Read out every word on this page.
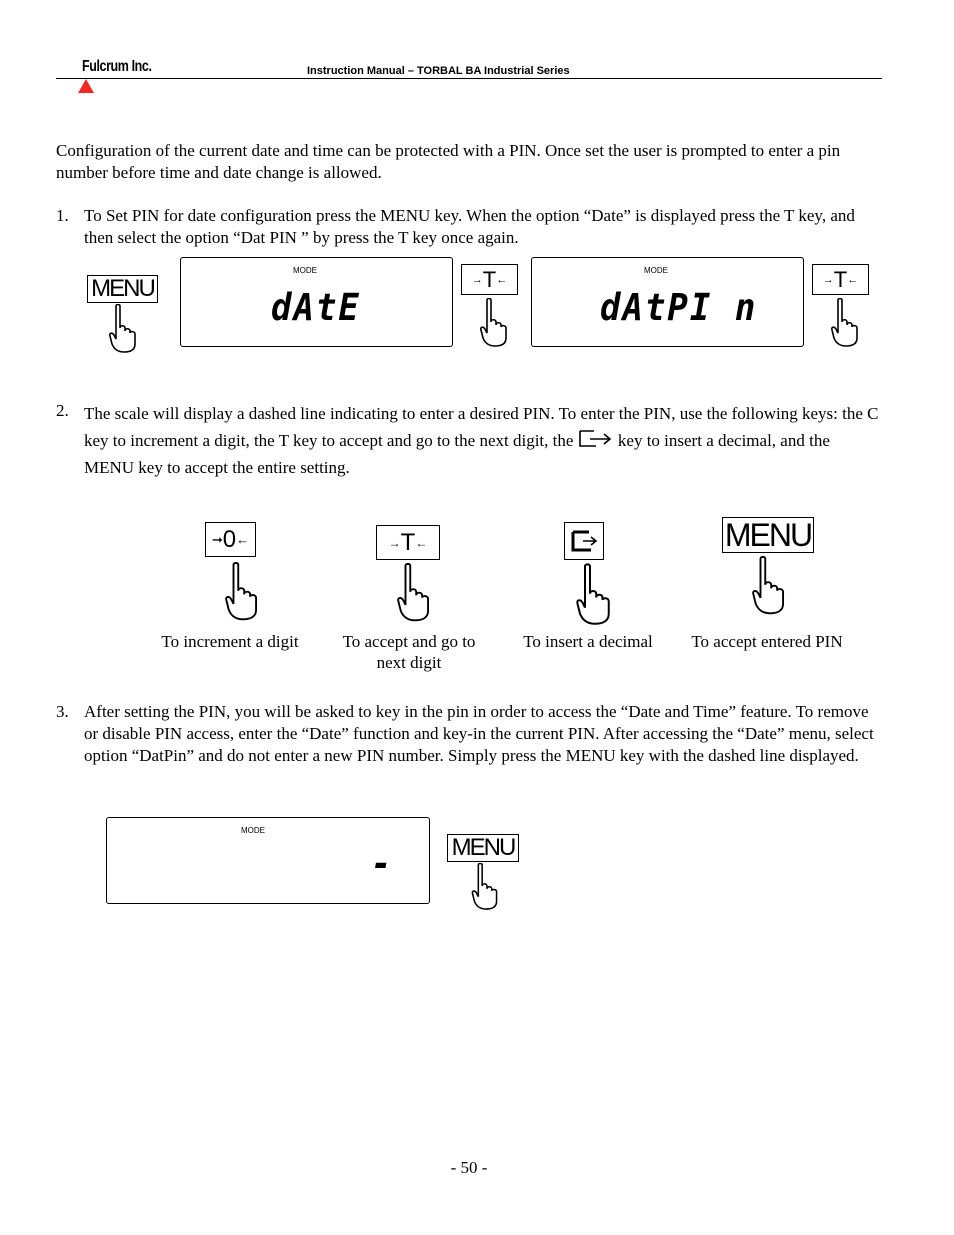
Fulcrum Inc.	Instruction Manual – TORBAL BA Industrial Series

Configuration of the current date and time can be protected with a PIN. Once set the user is prompted to enter a pin number before time and date change is allowed.

1. To Set PIN for date configuration press the MENU key. When the option “Date” is displayed press the T key, and then select the option “Dat PIN ” by press the T key once again.

MENU
MODE
dAtE
→ T ←
MODE
dAtPI n
→ T ←
2. The scale will display a dashed line indicating to enter a desired PIN. To enter the PIN, use the following keys: the C key to increment a digit, the T key to accept and go to the next digit, the	key to insert a decimal, and the MENU key to accept the entire setting.

➞ 0 ←
To increment a digit
→ T ←
To accept and go to next digit
To insert a decimal
MENU
To accept entered PIN
3. After setting the PIN, you will be asked to key in the pin in order to access the “Date and Time” feature. To remove or disable PIN access, enter the “Date” function and key-in the current PIN. After accessing the “Date” menu, select option “DatPin” and do not enter a new PIN number. Simply press the MENU key with the dashed line displayed.

MODE
- MENU
- 50 -
